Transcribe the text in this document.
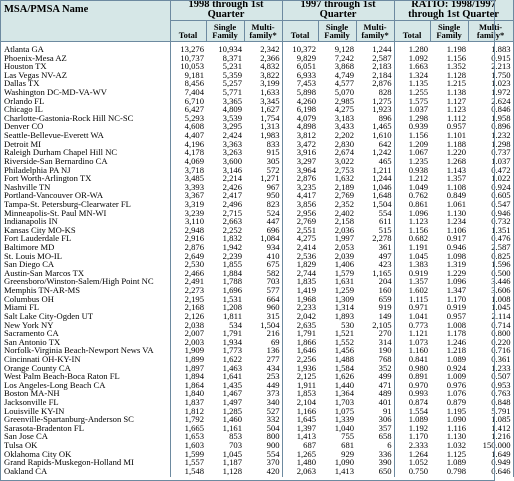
MSA/PMSA Name	1998 through 1st Quarter			1997 through 1st Quarter			RATIO: 1998/1997 through 1st Quarter		
	Total	Single Family	Multi-family*	Total	Single Family	Multi-family*	Total	Single Family	Multi-family*
Atlanta GA	13,276	10,934	2,342	10,372	9,128	1,244	1.280	1.198	1.883
Phoenix-Mesa AZ	10,737	8,371	2,366	9,829	7,242	2,587	1.092	1.156	0.915
Houston TX	10,053	5,231	4,832	6,051	3,868	2,183	1.663	1.352	2.213
Las Vegas NV-AZ	9,181	5,359	3,822	6,933	4,749	2,184	1.324	1.128	1.750
Dallas TX	8,456	5,257	3,199	7,453	4,577	2,876	1.135	1.215	1.023
Washington DC-MD-VA-WV	7,404	5,771	1,633	5,898	5,070	828	1.255	1.138	1.972
Orlando FL	6,710	3,365	3,345	4,260	2,985	1,275	1.575	1.127	2.624
Chicago IL	6,427	4,809	1,627	6,198	4,275	1,923	1.037	1.123	0.846
Charlotte-Gastonia-Rock Hill NC-SC	5,293	3,539	1,754	4,079	3,183	896	1.298	1.112	1.958
Denver CO	4,608	3,295	1,313	4,898	3,433	1,465	0.939	0.957	0.896
Seattle-Bellevue-Everett WA	4,407	2,424	1,983	3,812	2,202	1,610	1.156	1.101	1.232
Detroit MI	4,196	3,363	833	3,472	2,830	642	1.209	1.188	1.298
Raleigh Durham Chapel Hill NC	4,178	3,263	915	3,916	2,674	1,242	1.067	1.220	0.737
Riverside-San Bernardino CA	4,069	3,600	305	3,297	3,022	465	1.235	1.268	1.037
Philadelphia PA NJ	3,718	3,146	572	3,964	2,753	1,211	0.938	1.143	0.472
Fort Worth-Arlington TX	3,485	2,214	1,271	2,876	1,632	1,244	1.212	1.357	1.022
Nashville TN	3,393	2,426	967	3,235	2,189	1,046	1.049	1.108	0.924
Portland-Vancouver OR-WA	3,367	2,417	950	4,417	2,769	1,648	0.762	0.849	0.605
Tampa-St. Petersburg-Clearwater FL	3,319	2,496	823	3,856	2,352	1,504	0.861	1.061	0.547
Minneapolis-St. Paul MN-WI	3,239	2,715	524	2,956	2,402	554	1.096	1.130	0.946
Indianapolis IN	3,110	2,663	447	2,769	2,158	611	1.123	1.234	0.732
Kansas City MO-KS	2,948	2,252	696	2,551	2,036	515	1.156	1.106	1.351
Fort Lauderdale FL	2,916	1,832	1,084	4,275	1,997	2,278	0.682	0.917	0.476
Baltimore MD	2,876	1,942	934	2,414	2,053	361	1.191	0.946	2.587
St. Louis MO-IL	2,649	2,239	410	2,536	2,039	497	1.045	1.098	0.825
San Diego CA	2,530	1,855	675	1,829	1,406	423	1.383	1.319	1.596
Austin-San Marcos TX	2,466	1,884	582	2,744	1,579	1,165	0.919	1.229	0.500
Greensboro/Winston-Salem/High Point NC	2,491	1,788	703	1,835	1,631	204	1.357	1.096	3.446
Memphis TN-AR-MS	2,273	1,696	577	1,419	1,259	160	1.602	1.347	3.606
Columbus OH	2,195	1,531	664	1,968	1,309	659	1.115	1.170	1.008
Miami FL	2,168	1,208	960	2,233	1,314	919	0.971	0.919	1.045
Salt Lake City-Ogden UT	2,126	1,811	315	2,042	1,893	149	1.041	0.957	2.114
New York NY	2,038	534	1,504	2,635	530	2,105	0.773	1.008	0.714
Sacramento CA	2,007	1,791	216	1,791	1,521	270	1.121	1.178	0.800
San Antonio TX	2,003	1,934	69	1,866	1,552	314	1.073	1.246	0.220
Norfolk-Virginia Beach-Newport News VA	1,909	1,773	136	1,646	1,456	190	1.160	1.218	0.716
Cincinnati OH-KY-IN	1,899	1,622	277	2,256	1,488	768	0.841	1.089	0.361
Orange County CA	1,897	1,463	434	1,936	1,584	352	0.980	0.924	1.233
West Palm Beach-Boca Raton FL	1,894	1,641	253	2,125	1,626	499	0.891	1.009	0.507
Los Angeles-Long Beach CA	1,864	1,435	449	1,911	1,440	471	0.970	0.976	0.953
Boston MA-NH	1,840	1,467	373	1,853	1,364	489	0.993	1.076	0.763
Jacksonville FL	1,837	1,497	340	2,104	1,703	401	0.874	0.879	0.848
Louisville KY-IN	1,812	1,285	527	1,166	1,075	91	1.554	1.195	5.791
Greenville-Spartanburg-Anderson SC	1,792	1,460	332	1,645	1,339	306	1.089	1.090	1.085
Sarasota-Bradenton FL	1,665	1,161	504	1,397	1,040	357	1.192	1.116	1.412
San Jose CA	1,653	853	800	1,413	755	658	1.170	1.130	1.216
Tulsa OK	1,603	703	900	687	681	6	2.333	1.032	150.000
Oklahoma City OK	1,599	1,045	554	1,265	929	336	1.264	1.125	1.649
Grand Rapids-Muskegon-Holland MI	1,557	1,187	370	1,480	1,090	390	1.052	1.089	0.949
Oakland CA	1,548	1,128	420	2,063	1,413	650	0.750	0.798	0.646
